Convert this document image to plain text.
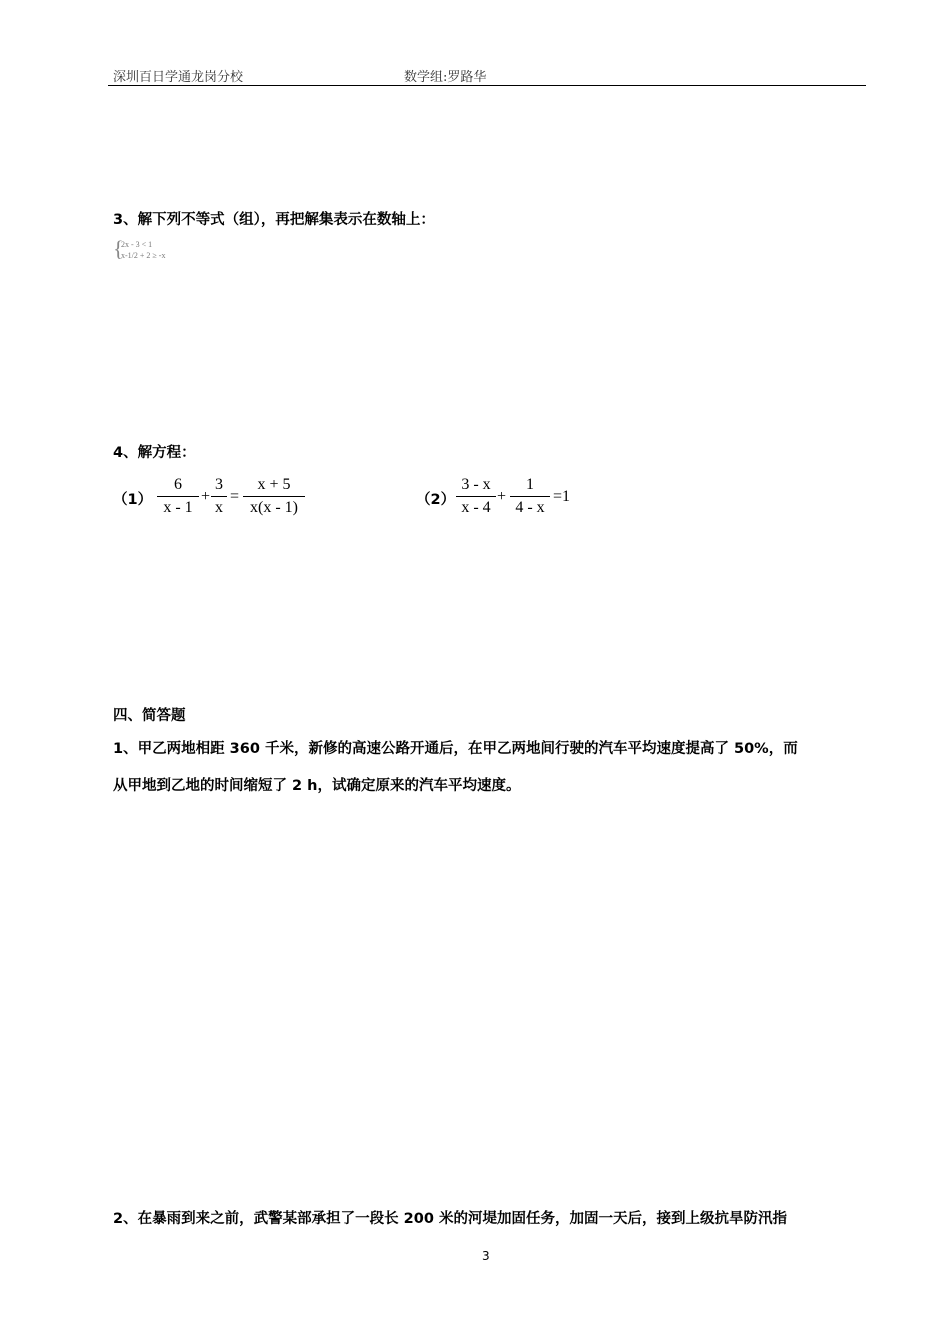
深圳百日学通龙岗分校	数学组:罗路华
3、解下列不等式（组），再把解集表示在数轴上：
{
2x - 3 < 1
x-1/2 + 2 ≥ -x
4、解方程：
（1）
6
x - 1
+
3
x
=
x + 5
x(x - 1)	（2）
3 - x
x - 4
+
1
4 - x
=1
四、简答题
1、甲乙两地相距 360 千米，新修的高速公路开通后，在甲乙两地间行驶的汽车平均速度提高了 50%，而
从甲地到乙地的时间缩短了 2 h，试确定原来的汽车平均速度。
2、在暴雨到来之前，武警某部承担了一段长 200 米的河堤加固任务，加固一天后，接到上级抗旱防汛指
3
